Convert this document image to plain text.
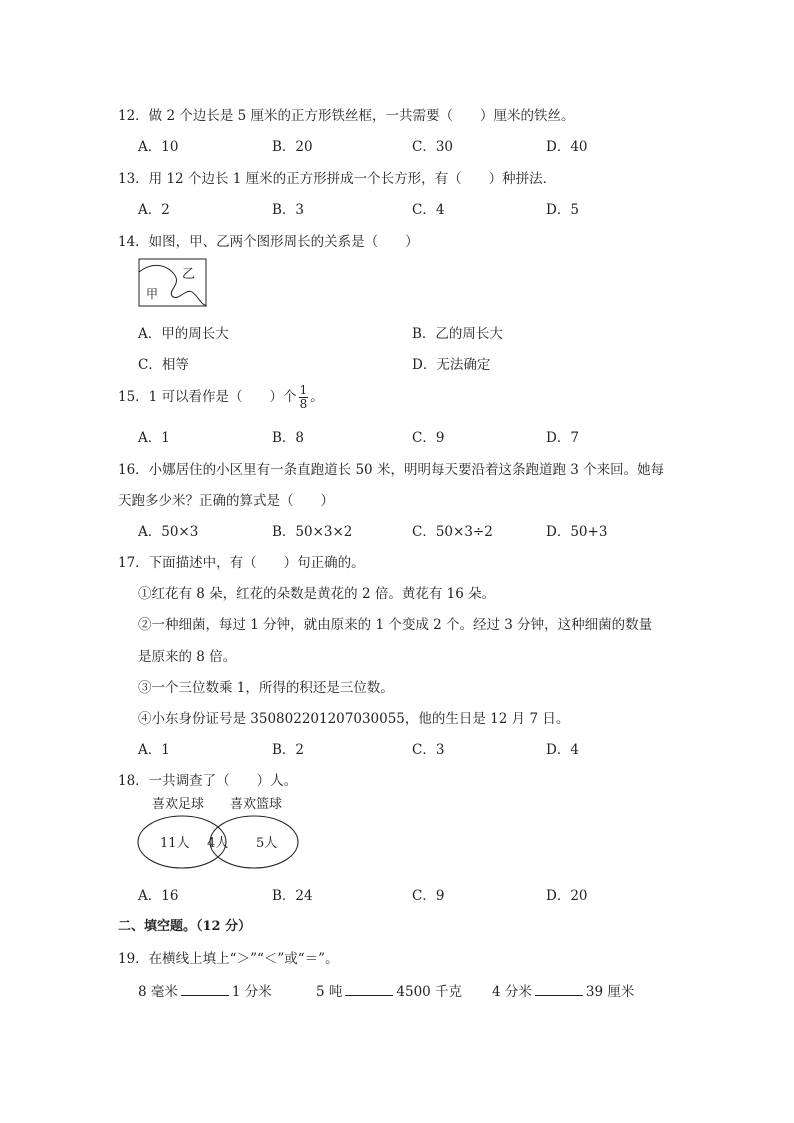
12．做 2 个边长是 5 厘米的正方形铁丝框，一共需要（　　）厘米的铁丝。
A．10	B．20	C．30	D．40
13．用 12 个边长 1 厘米的正方形拼成一个长方形，有（　　）种拼法．
A．2	B．3	C．4	D．5
14．如图，甲、乙两个图形周长的关系是（　　）
乙
甲
A．甲的周长大	B．乙的周长大
C．相等	D．无法确定
15．1 可以看作是（　　）个 $\frac{1}{8}$ 。
A．1	B．8	C．9	D．7
16．小娜居住的小区里有一条直跑道长 50 米，明明每天要沿着这条跑道跑 3 个来回。她每
天跑多少米？正确的算式是（　　）
A．50×3	B．50×3×2	C．50×3÷2	D．50+3
17．下面描述中，有（　　）句正确的。
①红花有 8 朵，红花的朵数是黄花的 2 倍。黄花有 16 朵。
②一种细菌，每过 1 分钟，就由原来的 1 个变成 2 个。经过 3 分钟，这种细菌的数量
是原来的 8 倍。
③一个三位数乘 1，所得的积还是三位数。
④小东身份证号是 350802201207030055，他的生日是 12 月 7 日。
A．1	B．2	C．3	D．4
18．一共调查了（　　）人。
喜欢足球 喜欢篮球
11人 4人 5人
A．16	B．24	C．9	D．20
二、填空题。（12 分）
19．在横线上填上“＞”“＜”或“＝”。
8 毫米	1 分米	5 吨	4500 千克 4 分米	39 厘米
